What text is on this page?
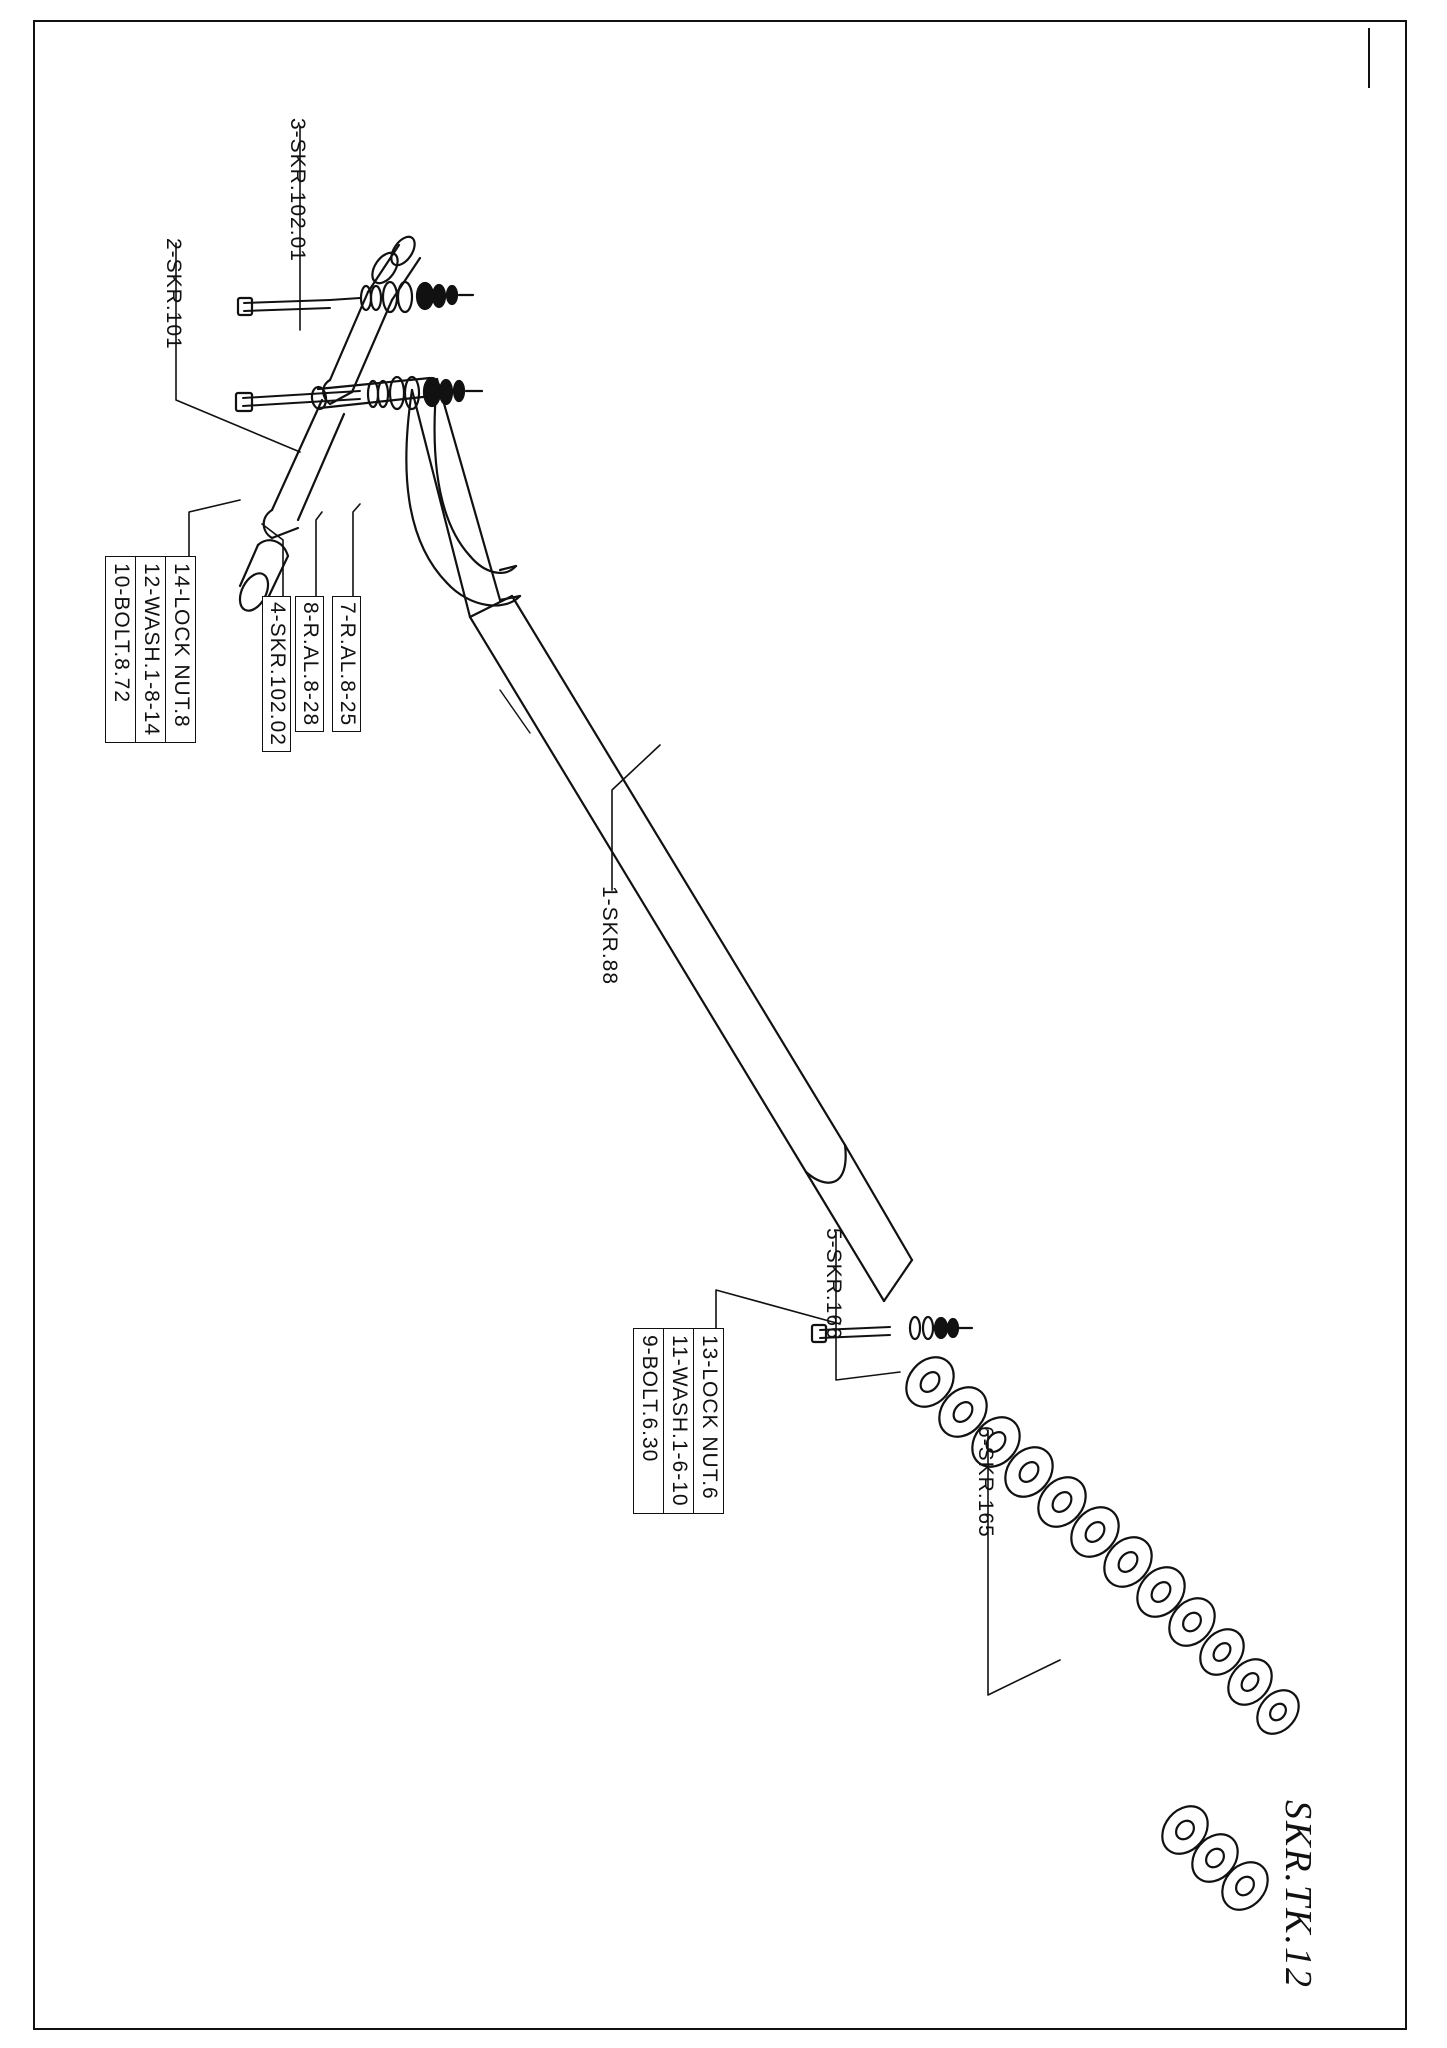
3-SKR.102.01
2-SKR.101
7-R.AL.8-25
8-R.AL.8-28
4-SKR.102.02
14-LOCK NUT.8
12-WASH.1-8-14
10-BOLT.8.72
1-SKR.88
13-LOCK NUT.6
11-WASH.1-6-10
9-BOLT.6.30
5-SKR.166
6-SKR.165
SKR.TK.12
